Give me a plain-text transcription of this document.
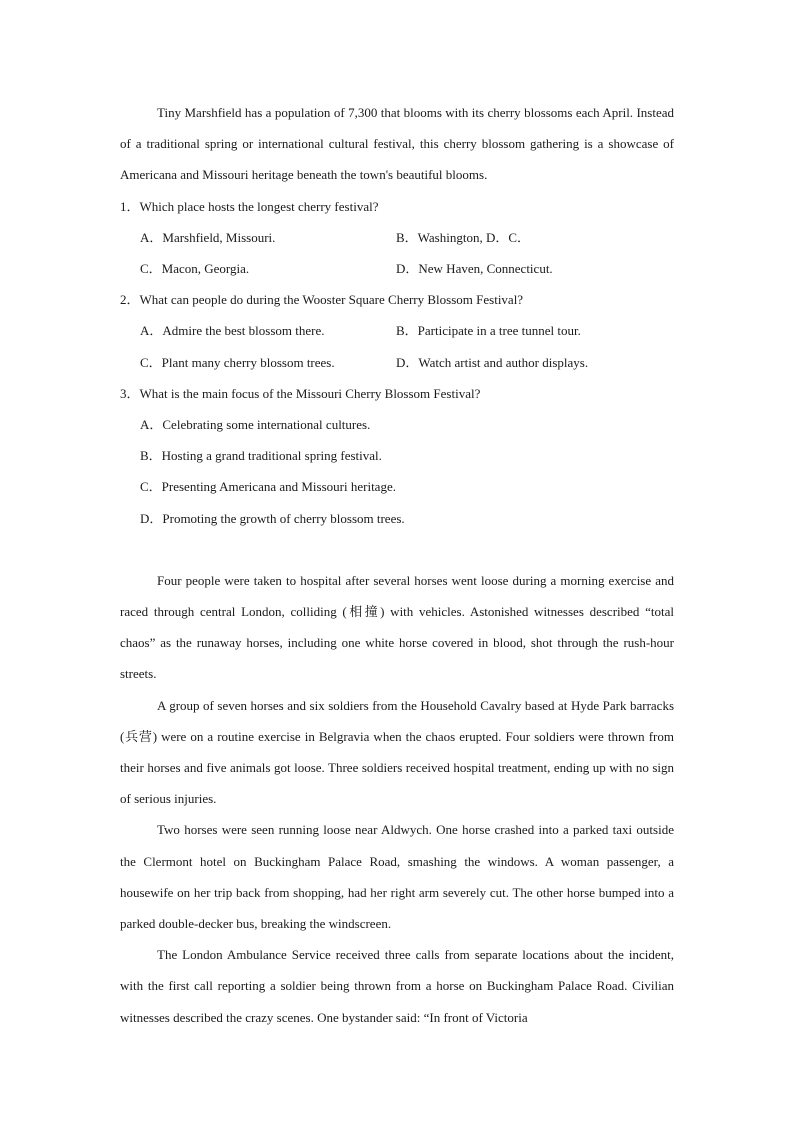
Tiny Marshfield has a population of 7,300 that blooms with its cherry blossoms each April. Instead of a traditional spring or international cultural festival, this cherry blossom gathering is a showcase of Americana and Missouri heritage beneath the town's beautiful blooms.

1．Which place hosts the longest cherry festival?

A．Marshfield, Missouri.	B．Washington, D．C．
C．Macon, Georgia.	D．New Haven, Connecticut.

2．What can people do during the Wooster Square Cherry Blossom Festival?

A．Admire the best blossom there.	B．Participate in a tree tunnel tour.
C．Plant many cherry blossom trees.	D．Watch artist and author displays.

3．What is the main focus of the Missouri Cherry Blossom Festival?

A．Celebrating some international cultures.
B．Hosting a grand traditional spring festival.
C．Presenting Americana and Missouri heritage.
D．Promoting the growth of cherry blossom trees.

Four people were taken to hospital after several horses went loose during a morning exercise and raced through central London, colliding (相撞) with vehicles. Astonished witnesses described “total chaos” as the runaway horses, including one white horse covered in blood, shot through the rush-hour streets.

A group of seven horses and six soldiers from the Household Cavalry based at Hyde Park barracks (兵营) were on a routine exercise in Belgravia when the chaos erupted. Four soldiers were thrown from their horses and five animals got loose. Three soldiers received hospital treatment, ending up with no sign of serious injuries.

Two horses were seen running loose near Aldwych. One horse crashed into a parked taxi outside the Clermont hotel on Buckingham Palace Road, smashing the windows. A woman passenger, a housewife on her trip back from shopping, had her right arm severely cut. The other horse bumped into a parked double-decker bus, breaking the windscreen.

The London Ambulance Service received three calls from separate locations about the incident, with the first call reporting a soldier being thrown from a horse on Buckingham Palace Road. Civilian witnesses described the crazy scenes. One bystander said: “In front of Victoria
